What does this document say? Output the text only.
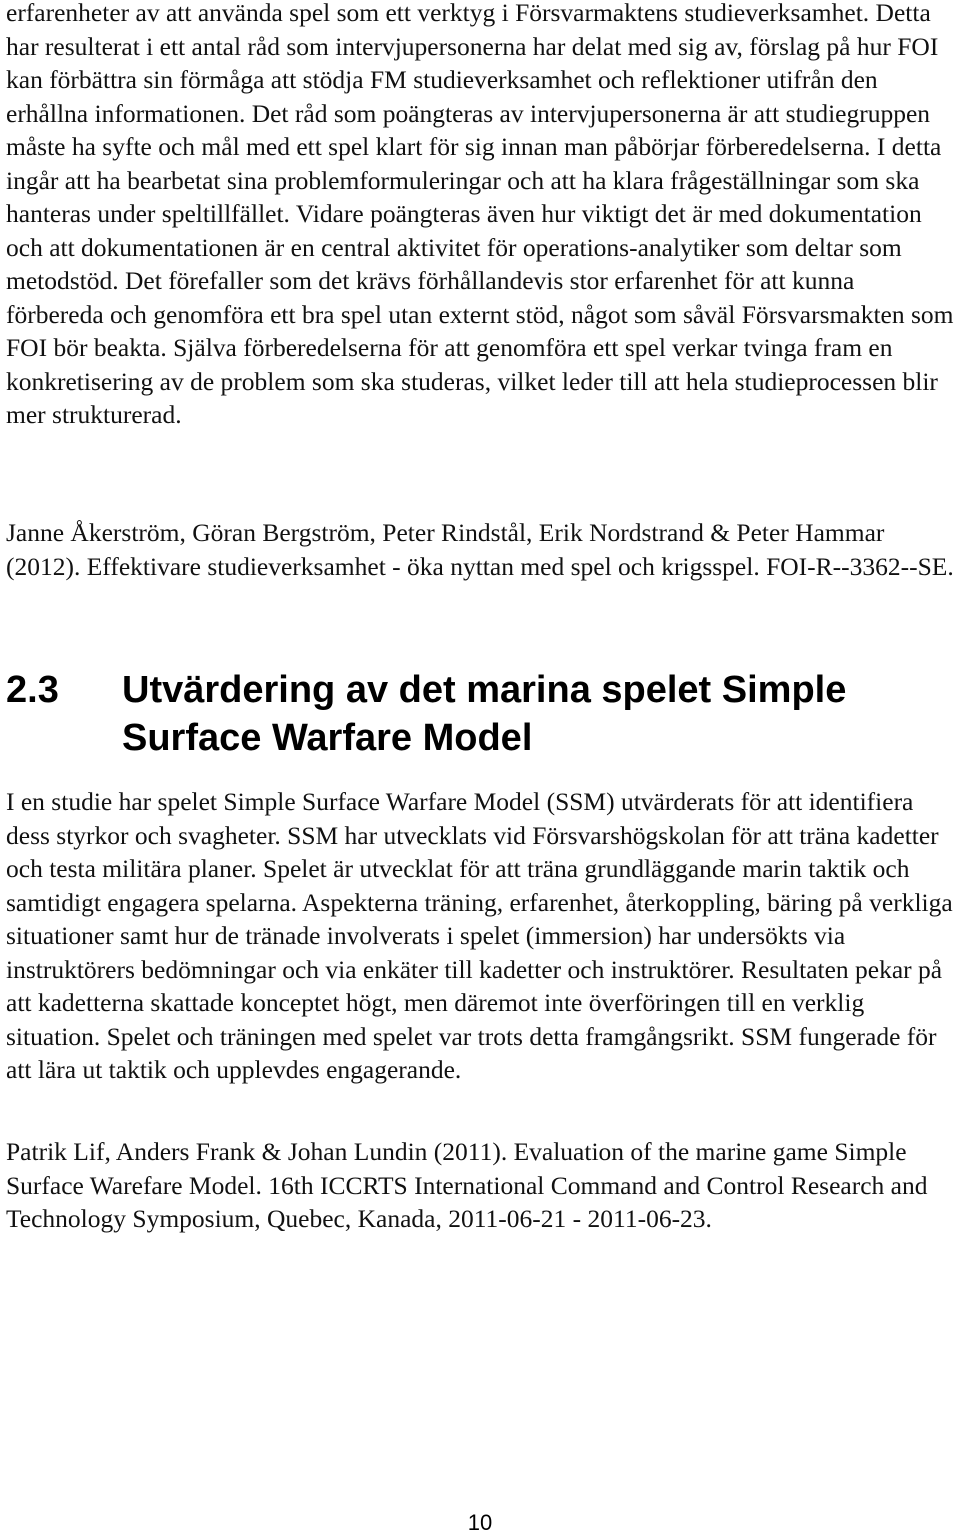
erfarenheter av att använda spel som ett verktyg i Försvarmaktens studieverksamhet. Detta har resulterat i ett antal råd som intervjupersonerna har delat med sig av, förslag på hur FOI kan förbättra sin förmåga att stödja FM studieverksamhet och reflektioner utifrån den erhållna informationen. Det råd som poängteras av intervjupersonerna är att studiegruppen måste ha syfte och mål med ett spel klart för sig innan man påbörjar förberedelserna. I detta ingår att ha bearbetat sina problemformuleringar och att ha klara frågeställningar som ska hanteras under speltillfället. Vidare poängteras även hur viktigt det är med dokumentation och att dokumentationen är en central aktivitet för operations-analytiker som deltar som metodstöd. Det förefaller som det krävs förhållandevis stor erfarenhet för att kunna förbereda och genomföra ett bra spel utan externt stöd, något som såväl Försvarsmakten som FOI bör beakta. Själva förberedelserna för att genomföra ett spel verkar tvinga fram en konkretisering av de problem som ska studeras, vilket leder till att hela studieprocessen blir mer strukturerad.

Janne Åkerström, Göran Bergström, Peter Rindstål, Erik Nordstrand & Peter Hammar (2012). Effektivare studieverksamhet - öka nyttan med spel och krigsspel. FOI-R--3362--SE.

2.3	Utvärdering av det marina spelet Simple Surface Warfare Model

I en studie har spelet Simple Surface Warfare Model (SSM) utvärderats för att identifiera dess styrkor och svagheter. SSM har utvecklats vid Försvarshögskolan för att träna kadetter och testa militära planer. Spelet är utvecklat för att träna grundläggande marin taktik och samtidigt engagera spelarna. Aspekterna träning, erfarenhet, återkoppling, bäring på verkliga situationer samt hur de tränade involverats i spelet (immersion) har undersökts via instruktörers bedömningar och via enkäter till kadetter och instruktörer. Resultaten pekar på att kadetterna skattade konceptet högt, men däremot inte överföringen till en verklig situation. Spelet och träningen med spelet var trots detta framgångsrikt. SSM fungerade för att lära ut taktik och upplevdes engagerande.

Patrik Lif, Anders Frank & Johan Lundin (2011). Evaluation of the marine game Simple Surface Warefare Model. 16th ICCRTS International Command and Control Research and Technology Symposium, Quebec, Kanada, 2011-06-21 - 2011-06-23.

10
